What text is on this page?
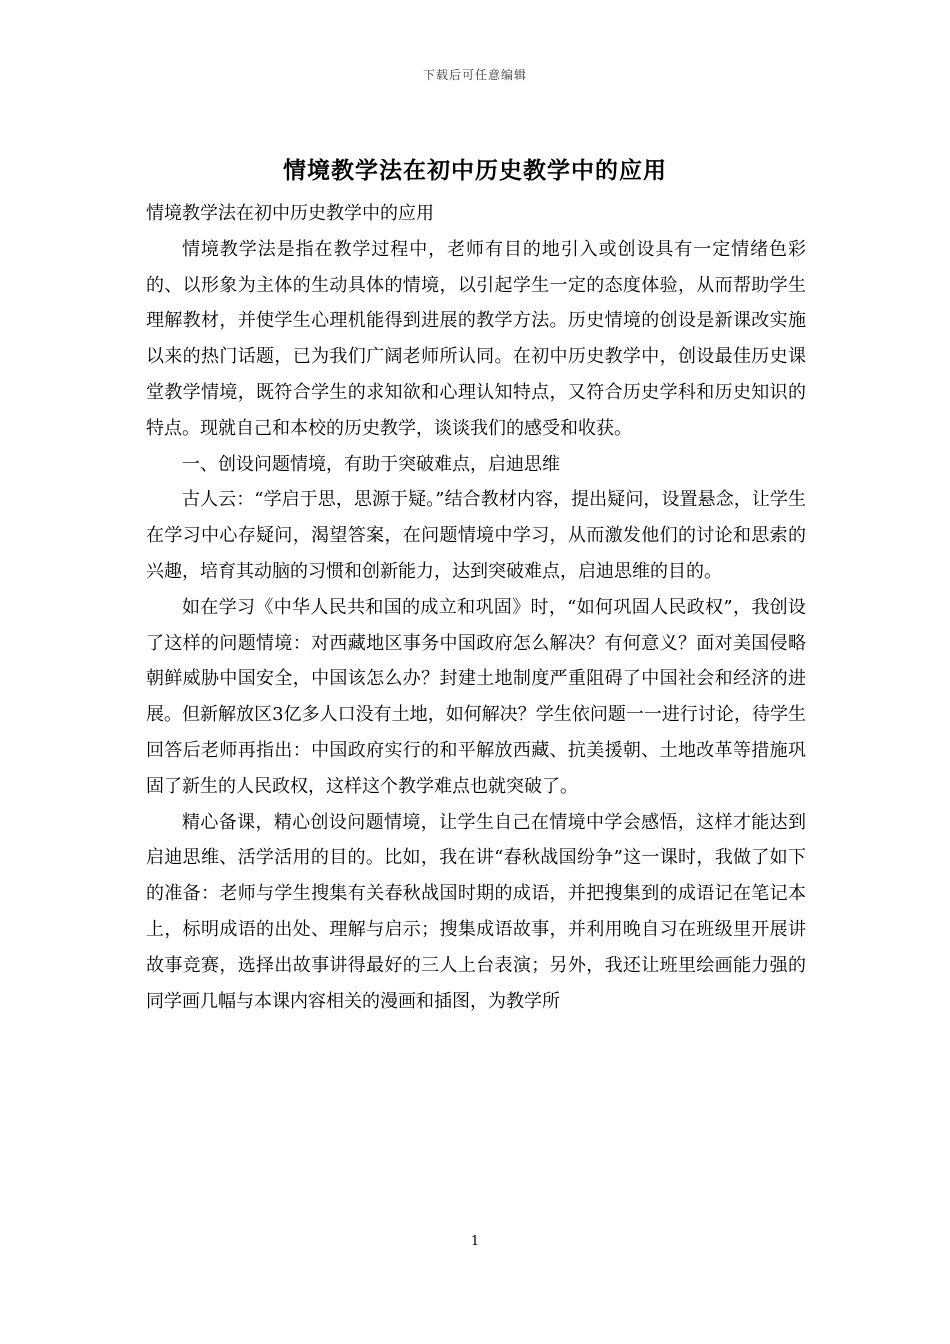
下载后可任意编辑
情境教学法在初中历史教学中的应用

情境教学法在初中历史教学中的应用

情境教学法是指在教学过程中，老师有目的地引入或创设具有一定情绪色彩的、以形象为主体的生动具体的情境，以引起学生一定的态度体验，从而帮助学生理解教材，并使学生心理机能得到进展的教学方法。历史情境的创设是新课改实施以来的热门话题，已为我们广阔老师所认同。在初中历史教学中，创设最佳历史课堂教学情境，既符合学生的求知欲和心理认知特点，又符合历史学科和历史知识的特点。现就自己和本校的历史教学，谈谈我们的感受和收获。

一、创设问题情境，有助于突破难点，启迪思维

古人云：“学启于思，思源于疑。”结合教材内容，提出疑问，设置悬念，让学生在学习中心存疑问，渴望答案，在问题情境中学习，从而激发他们的讨论和思索的兴趣，培育其动脑的习惯和创新能力，达到突破难点，启迪思维的目的。

如在学习《中华人民共和国的成立和巩固》时，“如何巩固人民政权”，我创设了这样的问题情境：对西藏地区事务中国政府怎么解决？有何意义？面对美国侵略朝鲜威胁中国安全，中国该怎么办？封建土地制度严重阻碍了中国社会和经济的进展。但新解放区3亿多人口没有土地，如何解决？学生依问题一一进行讨论，待学生回答后老师再指出：中国政府实行的和平解放西藏、抗美援朝、土地改革等措施巩固了新生的人民政权，这样这个教学难点也就突破了。

精心备课，精心创设问题情境，让学生自己在情境中学会感悟，这样才能达到启迪思维、活学活用的目的。比如，我在讲“春秋战国纷争”这一课时，我做了如下的准备：老师与学生搜集有关春秋战国时期的成语，并把搜集到的成语记在笔记本上，标明成语的出处、理解与启示；搜集成语故事，并利用晚自习在班级里开展讲故事竞赛，选择出故事讲得最好的三人上台表演；另外，我还让班里绘画能力强的同学画几幅与本课内容相关的漫画和插图，为教学所

1
